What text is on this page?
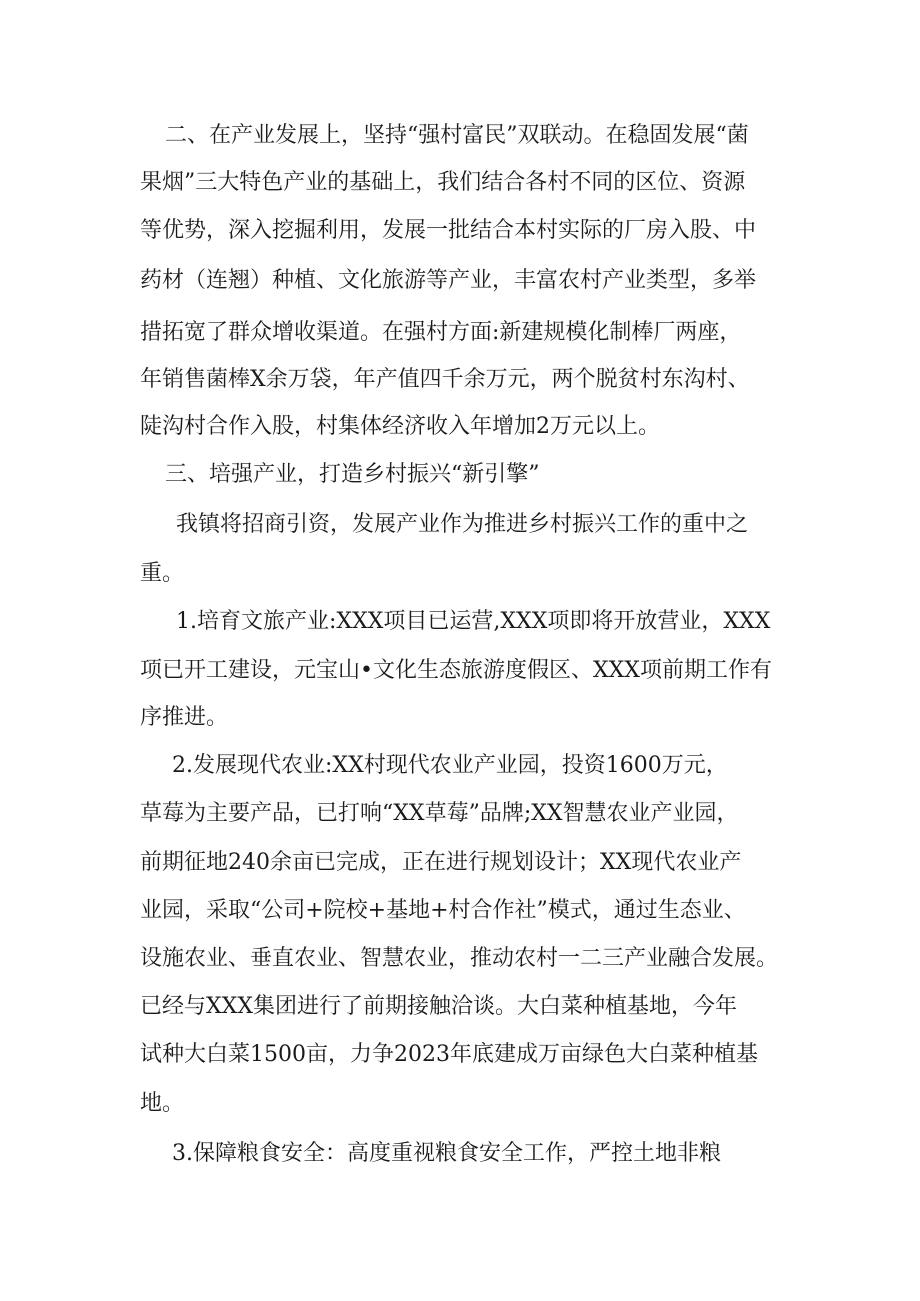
二、在产业发展上，坚持“强村富民”双联动。在稳固发展“菌
果烟”三大特色产业的基础上，我们结合各村不同的区位、资源
等优势，深入挖掘利用，发展一批结合本村实际的厂房入股、中
药材（连翘）种植、文化旅游等产业，丰富农村产业类型，多举
措拓宽了群众增收渠道。在强村方面:新建规模化制棒厂两座，
年销售菌棒X余万袋，年产值四千余万元，两个脱贫村东沟村、
陡沟村合作入股，村集体经济收入年增加2万元以上。
三、培强产业，打造乡村振兴“新引擎”
我镇将招商引资，发展产业作为推进乡村振兴工作的重中之
重。
1.培育文旅产业:XXX项目已运营,XXX项即将开放营业，XXX
项已开工建设，元宝山•文化生态旅游度假区、XXX项前期工作有
序推进。
2.发展现代农业:XX村现代农业产业园，投资1600万元，
草莓为主要产品，已打响“XX草莓”品牌;XX智慧农业产业园，
前期征地240余亩已完成，正在进行规划设计；XX现代农业产
业园，采取“公司+院校+基地+村合作社”模式，通过生态业、
设施农业、垂直农业、智慧农业，推动农村一二三产业融合发展。
已经与XXX集团进行了前期接触洽谈。大白菜种植基地，今年
试种大白菜1500亩，力争2023年底建成万亩绿色大白菜种植基
地。
3.保障粮食安全：高度重视粮食安全工作，严控土地非粮
